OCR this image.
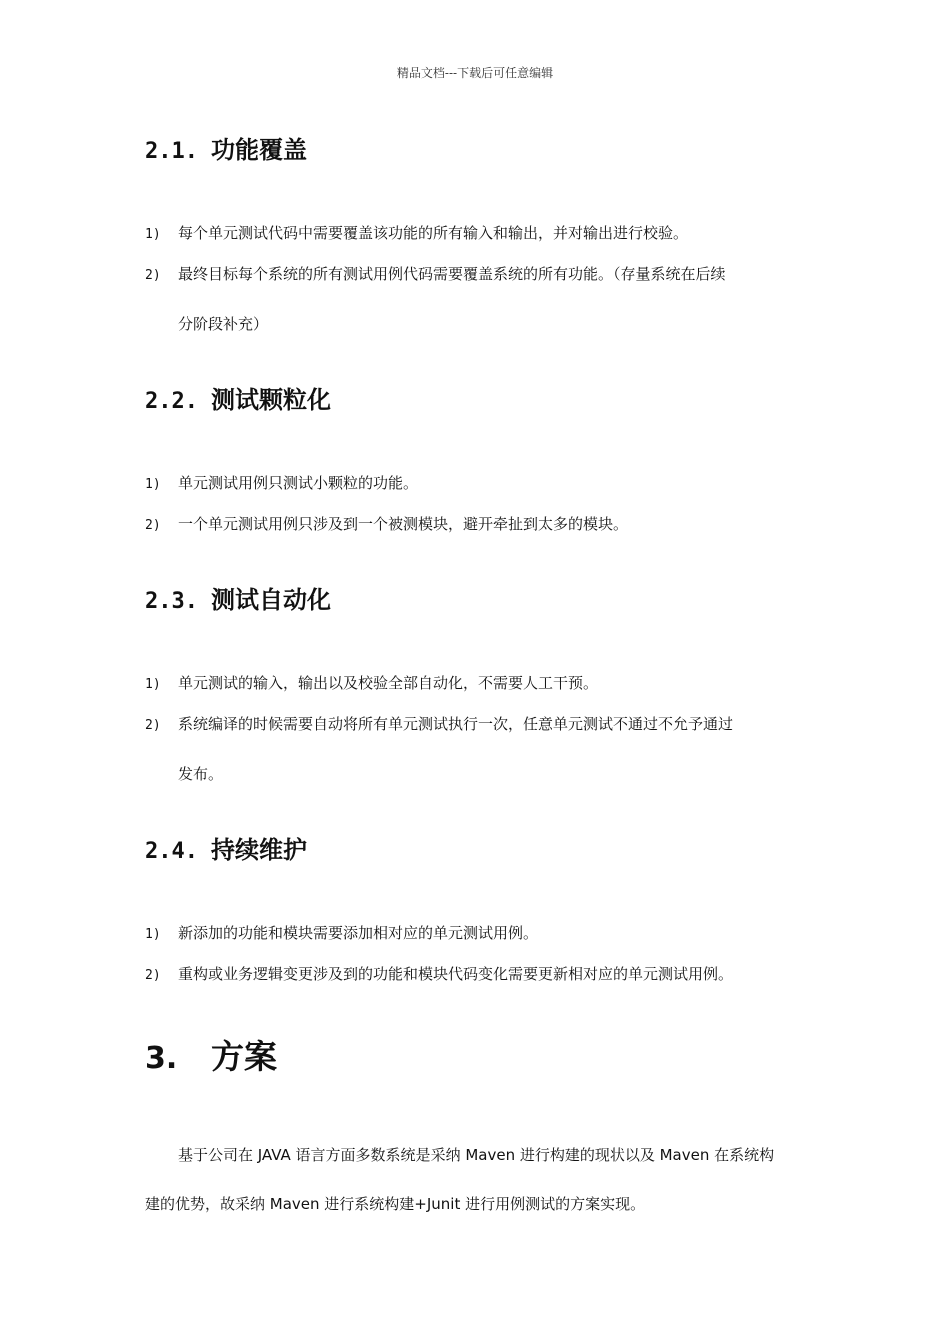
精品文档---下载后可任意编辑
2.1. 功能覆盖
1) 每个单元测试代码中需要覆盖该功能的所有输入和输出，并对输出进行校验。
2) 最终目标每个系统的所有测试用例代码需要覆盖系统的所有功能。（存量系统在后续
分阶段补充）
2.2. 测试颗粒化
1) 单元测试用例只测试小颗粒的功能。
2) 一个单元测试用例只涉及到一个被测模块，避开牵扯到太多的模块。
2.3. 测试自动化
1) 单元测试的输入，输出以及校验全部自动化，不需要人工干预。
2) 系统编译的时候需要自动将所有单元测试执行一次，任意单元测试不通过不允予通过
发布。
2.4. 持续维护
1) 新添加的功能和模块需要添加相对应的单元测试用例。
2) 重构或业务逻辑变更涉及到的功能和模块代码变化需要更新相对应的单元测试用例。
3. 方案
基于公司在 JAVA 语言方面多数系统是采纳 Maven 进行构建的现状以及 Maven 在系统构
建的优势，故采纳 Maven 进行系统构建+Junit 进行用例测试的方案实现。
